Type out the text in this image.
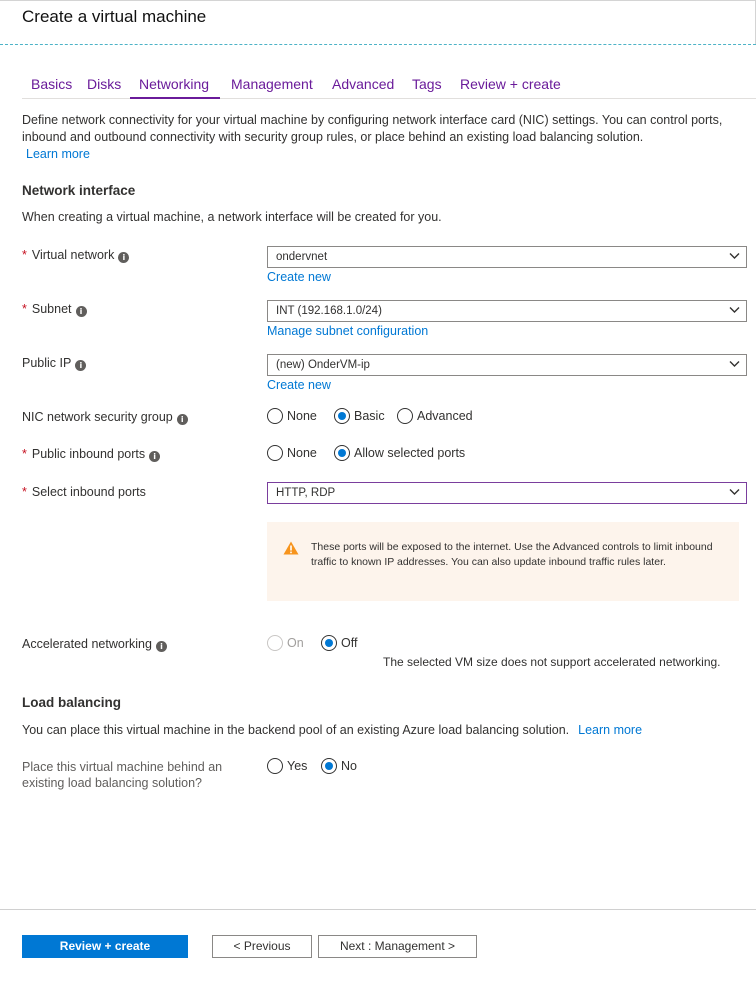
Create a virtual machine
Basics Disks Networking Management Advanced Tags Review + create
Define network connectivity for your virtual machine by configuring network interface card (NIC) settings. You can control ports, inbound and outbound connectivity with security group rules, or place behind an existing load balancing solution.
Learn more
Network interface
When creating a virtual machine, a network interface will be created for you.
* Virtual network i	ondervnet
Create new
* Subnet i	INT (192.168.1.0/24)
Manage subnet configuration
Public IP i	(new) OnderVM-ip
Create new
NIC network security group i	None	Basic	Advanced
* Public inbound ports i	None	Allow selected ports
* Select inbound ports	HTTP, RDP
These ports will be exposed to the internet. Use the Advanced controls to limit inbound traffic to known IP addresses. You can also update inbound traffic rules later.
Accelerated networking i	On	Off
The selected VM size does not support accelerated networking.
Load balancing
You can place this virtual machine in the backend pool of an existing Azure load balancing solution. Learn more
Place this virtual machine behind an
existing load balancing solution?
Yes	No
Review + create	< Previous	Next : Management >
